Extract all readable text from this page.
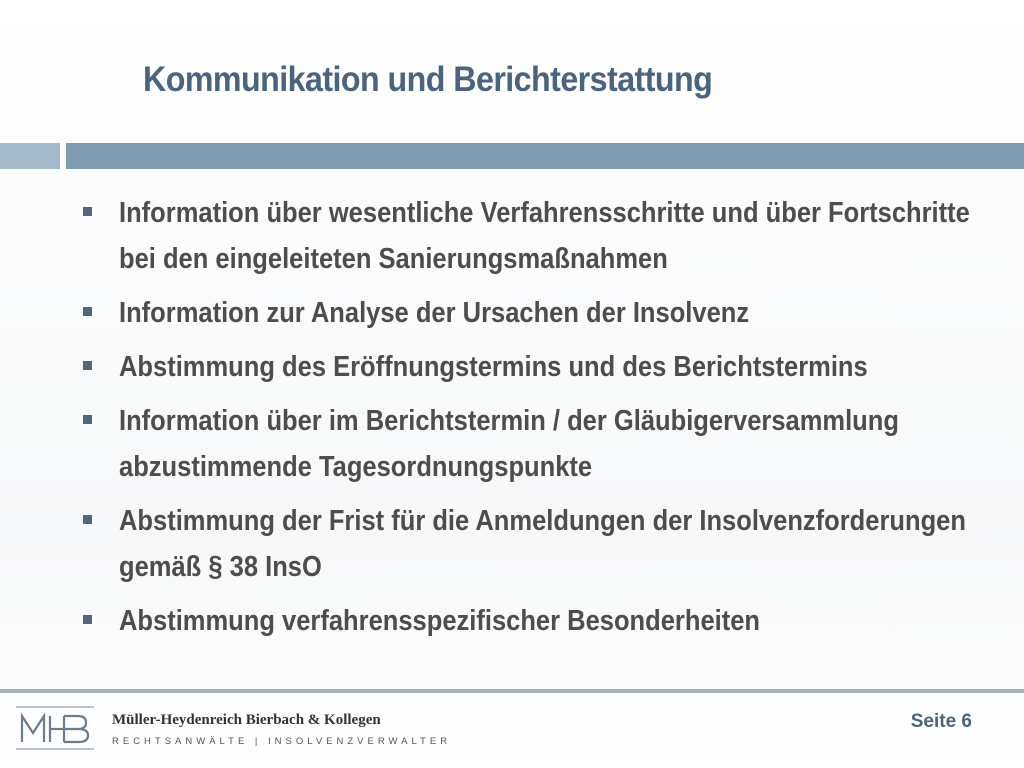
Kommunikation und Berichterstattung
Information über wesentliche Verfahrensschritte und über Fortschritte bei den eingeleiteten Sanierungsmaßnahmen
Information zur Analyse der Ursachen der Insolvenz
Abstimmung des Eröffnungstermins und des Berichtstermins
Information über im Berichtstermin / der Gläubigerversammlung abzustimmende Tagesordnungspunkte
Abstimmung der Frist für die Anmeldungen der Insolvenzforderungen gemäß § 38 InsO
Abstimmung verfahrensspezifischer Besonderheiten
Müller-Heydenreich Bierbach & Kollegen
RECHTSANWÄLTE | INSOLVENZVERWALTER
Seite 6
